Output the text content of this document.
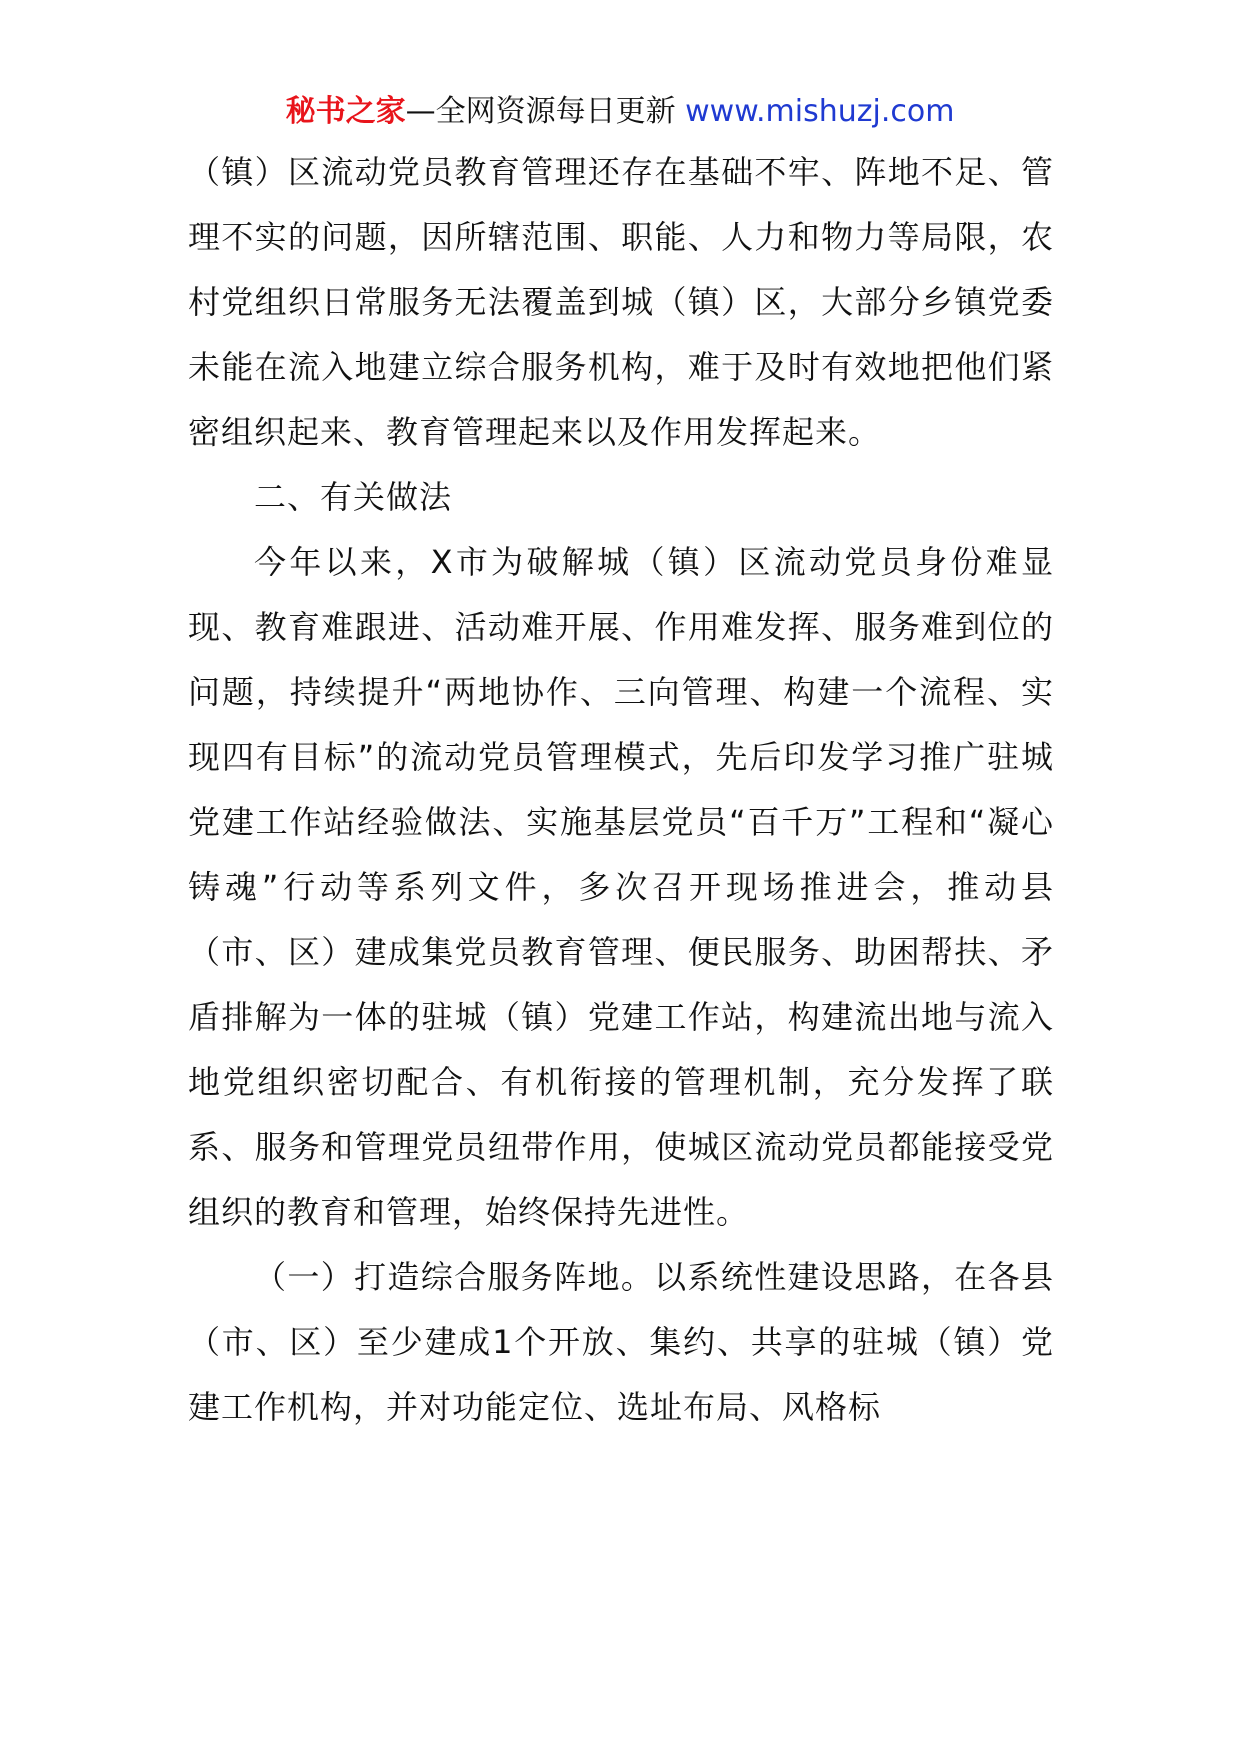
秘书之家—全网资源每日更新 www.mishuzj.com

（镇）区流动党员教育管理还存在基础不牢、阵地不足、管理不实的问题，因所辖范围、职能、人力和物力等局限，农村党组织日常服务无法覆盖到城（镇）区，大部分乡镇党委未能在流入地建立综合服务机构，难于及时有效地把他们紧密组织起来、教育管理起来以及作用发挥起来。

二、有关做法

今年以来，X市为破解城（镇）区流动党员身份难显现、教育难跟进、活动难开展、作用难发挥、服务难到位的问题，持续提升“两地协作、三向管理、构建一个流程、实现四有目标”的流动党员管理模式，先后印发学习推广驻城党建工作站经验做法、实施基层党员“百千万”工程和“凝心铸魂”行动等系列文件，多次召开现场推进会，推动县（市、区）建成集党员教育管理、便民服务、助困帮扶、矛盾排解为一体的驻城（镇）党建工作站，构建流出地与流入地党组织密切配合、有机衔接的管理机制，充分发挥了联系、服务和管理党员纽带作用，使城区流动党员都能接受党组织的教育和管理，始终保持先进性。

（一）打造综合服务阵地。以系统性建设思路，在各县（市、区）至少建成1个开放、集约、共享的驻城（镇）党建工作机构，并对功能定位、选址布局、风格标
